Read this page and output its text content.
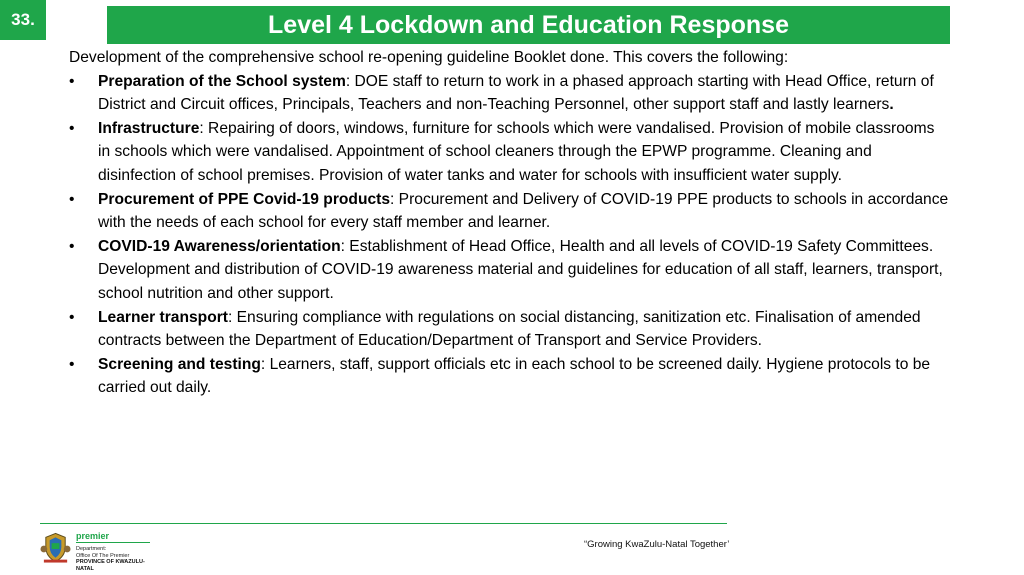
33.	Level 4 Lockdown and Education Response

Development of the comprehensive school re-opening guideline Booklet done. This covers the following:

•	Preparation of the School system: DOE staff to return to work in a phased approach starting with Head Office, return of District and Circuit offices, Principals, Teachers and non-Teaching Personnel, other support staff and lastly learners.
•	Infrastructure: Repairing of doors, windows, furniture for schools which were vandalised. Provision of mobile classrooms in schools which were vandalised. Appointment of school cleaners through the EPWP programme. Cleaning and disinfection of school premises. Provision of water tanks and water for schools with insufficient water supply.
•	Procurement of PPE Covid-19 products: Procurement and Delivery of COVID-19 PPE products to schools in accordance with the needs of each school for every staff member and learner.
•	COVID-19 Awareness/orientation: Establishment of Head Office, Health and all levels of COVID-19 Safety Committees. Development and distribution of COVID-19 awareness material and guidelines for education of all staff, learners, transport, school nutrition and other support.
•	Learner transport: Ensuring compliance with regulations on social distancing, sanitization etc. Finalisation of amended contracts between the Department of Education/Department of Transport and Service Providers.
•	Screening and testing: Learners, staff, support officials etc in each school to be screened daily. Hygiene protocols to be carried out daily.
premier
Department:
Office Of The Premier
PROVINCE OF KWAZULU-NATAL
“Growing KwaZulu-Natal Together’
